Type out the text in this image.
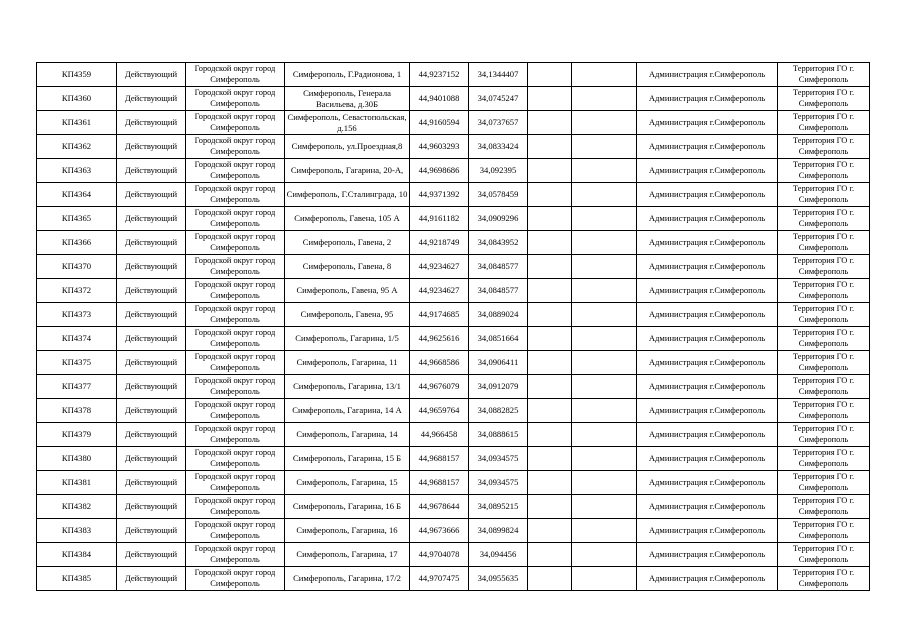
КП4359	Действующий	Городской округ город Симферополь	Симферополь, Г.Радионова, 1	44,9237152	34,1344407			Администрация г.Симферополь	Территория ГО г. Симферополь
КП4360	Действующий	Городской округ город Симферополь	Симферополь, Генерала Васильева, д.30Б	44,9401088	34,0745247			Администрация г.Симферополь	Территория ГО г. Симферополь
КП4361	Действующий	Городской округ город Симферополь	Симферополь, Севастопольская, д.156	44,9160594	34,0737657			Администрация г.Симферополь	Территория ГО г. Симферополь
КП4362	Действующий	Городской округ город Симферополь	Симферополь, ул.Проездная,8	44,9603293	34,0833424			Администрация г.Симферополь	Территория ГО г. Симферополь
КП4363	Действующий	Городской округ город Симферополь	Симферополь, Гагарина, 20-А,	44,9698686	34,092395			Администрация г.Симферополь	Территория ГО г. Симферополь
КП4364	Действующий	Городской округ город Симферополь	Симферополь, Г.Сталинграда, 10	44,9371392	34,0578459			Администрация г.Симферополь	Территория ГО г. Симферополь
КП4365	Действующий	Городской округ город Симферополь	Симферополь, Гавена, 105 А	44,9161182	34,0909296			Администрация г.Симферополь	Территория ГО г. Симферополь
КП4366	Действующий	Городской округ город Симферополь	Симферополь, Гавена, 2	44,9218749	34,0843952			Администрация г.Симферополь	Территория ГО г. Симферополь
КП4370	Действующий	Городской округ город Симферополь	Симферополь, Гавена, 8	44,9234627	34,0848577			Администрация г.Симферополь	Территория ГО г. Симферополь
КП4372	Действующий	Городской округ город Симферополь	Симферополь, Гавена, 95 А	44,9234627	34,0848577			Администрация г.Симферополь	Территория ГО г. Симферополь
КП4373	Действующий	Городской округ город Симферополь	Симферополь, Гавена, 95	44,9174685	34,0889024			Администрация г.Симферополь	Территория ГО г. Симферополь
КП4374	Действующий	Городской округ город Симферополь	Симферополь, Гагарина, 1/5	44,9625616	34,0851664			Администрация г.Симферополь	Территория ГО г. Симферополь
КП4375	Действующий	Городской округ город Симферополь	Симферополь, Гагарина, 11	44,9668586	34,0906411			Администрация г.Симферополь	Территория ГО г. Симферополь
КП4377	Действующий	Городской округ город Симферополь	Симферополь, Гагарина, 13/1	44,9676079	34,0912079			Администрация г.Симферополь	Территория ГО г. Симферополь
КП4378	Действующий	Городской округ город Симферополь	Симферополь, Гагарина, 14 А	44,9659764	34,0882825			Администрация г.Симферополь	Территория ГО г. Симферополь
КП4379	Действующий	Городской округ город Симферополь	Симферополь, Гагарина, 14	44,966458	34,0888615			Администрация г.Симферополь	Территория ГО г. Симферополь
КП4380	Действующий	Городской округ город Симферополь	Симферополь, Гагарина, 15 Б	44,9688157	34,0934575			Администрация г.Симферополь	Территория ГО г. Симферополь
КП4381	Действующий	Городской округ город Симферополь	Симферополь, Гагарина, 15	44,9688157	34,0934575			Администрация г.Симферополь	Территория ГО г. Симферополь
КП4382	Действующий	Городской округ город Симферополь	Симферополь, Гагарина, 16 Б	44,9678644	34,0895215			Администрация г.Симферополь	Территория ГО г. Симферополь
КП4383	Действующий	Городской округ город Симферополь	Симферополь, Гагарина, 16	44,9673666	34,0899824			Администрация г.Симферополь	Территория ГО г. Симферополь
КП4384	Действующий	Городской округ город Симферополь	Симферополь, Гагарина, 17	44,9704078	34,094456			Администрация г.Симферополь	Территория ГО г. Симферополь
КП4385	Действующий	Городской округ город Симферополь	Симферополь, Гагарина, 17/2	44,9707475	34,0955635			Администрация г.Симферополь	Территория ГО г. Симферополь
